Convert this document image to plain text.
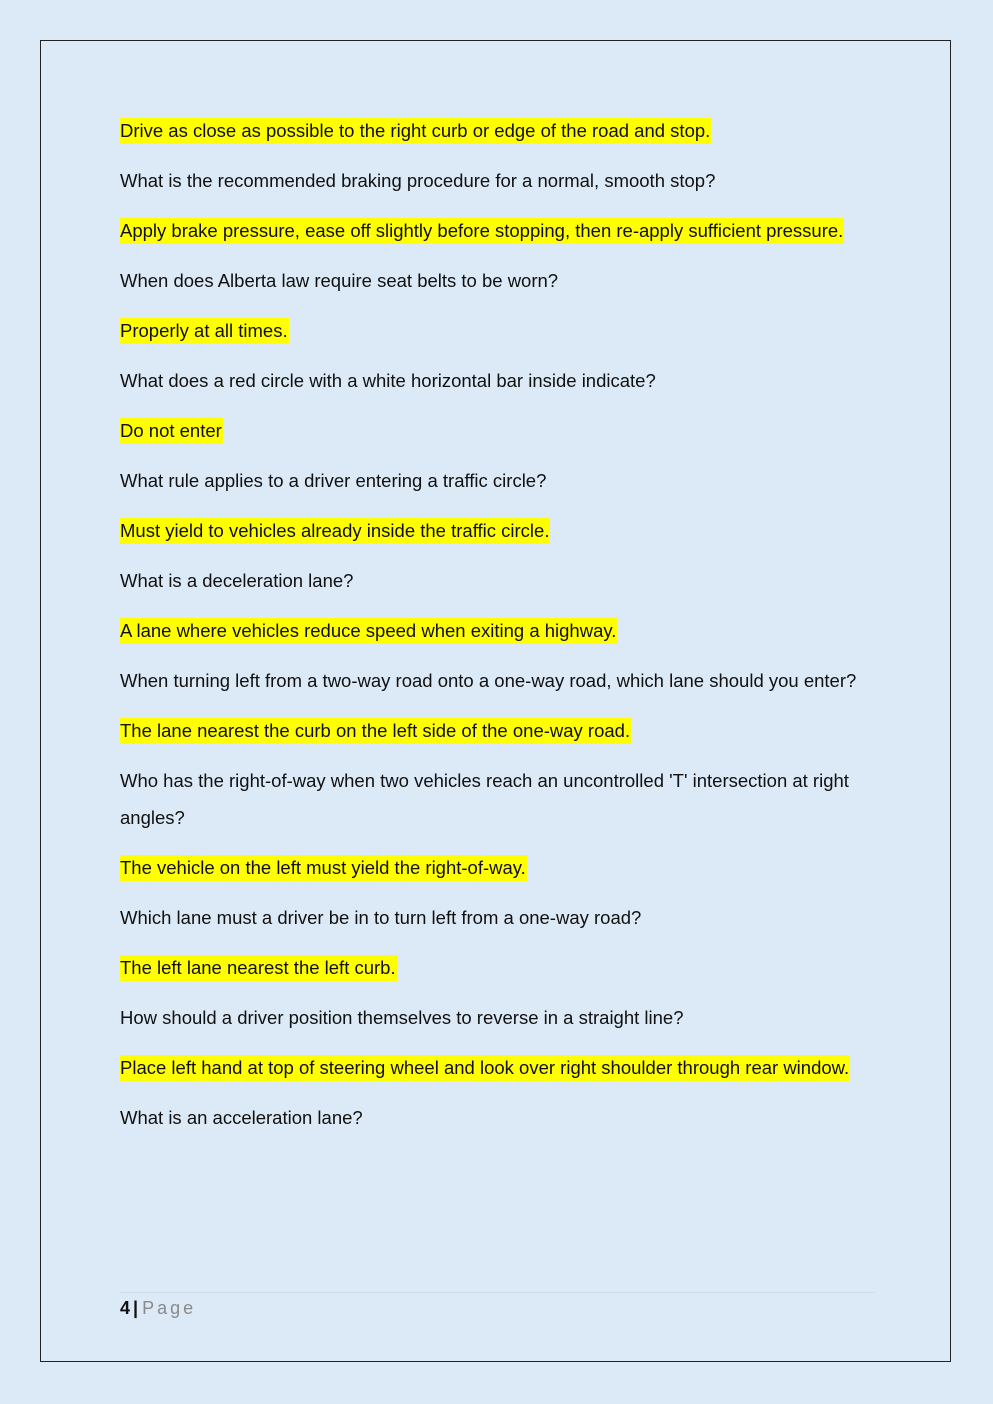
Drive as close as possible to the right curb or edge of the road and stop.

What is the recommended braking procedure for a normal, smooth stop?

Apply brake pressure, ease off slightly before stopping, then re-apply sufficient pressure.

When does Alberta law require seat belts to be worn?

Properly at all times.

What does a red circle with a white horizontal bar inside indicate?

Do not enter

What rule applies to a driver entering a traffic circle?

Must yield to vehicles already inside the traffic circle.

What is a deceleration lane?

A lane where vehicles reduce speed when exiting a highway.

When turning left from a two-way road onto a one-way road, which lane should you enter?

The lane nearest the curb on the left side of the one-way road.

Who has the right-of-way when two vehicles reach an uncontrolled 'T' intersection at right angles?

The vehicle on the left must yield the right-of-way.

Which lane must a driver be in to turn left from a one-way road?

The left lane nearest the left curb.

How should a driver position themselves to reverse in a straight line?

Place left hand at top of steering wheel and look over right shoulder through rear window.

What is an acceleration lane?

4 | Page
